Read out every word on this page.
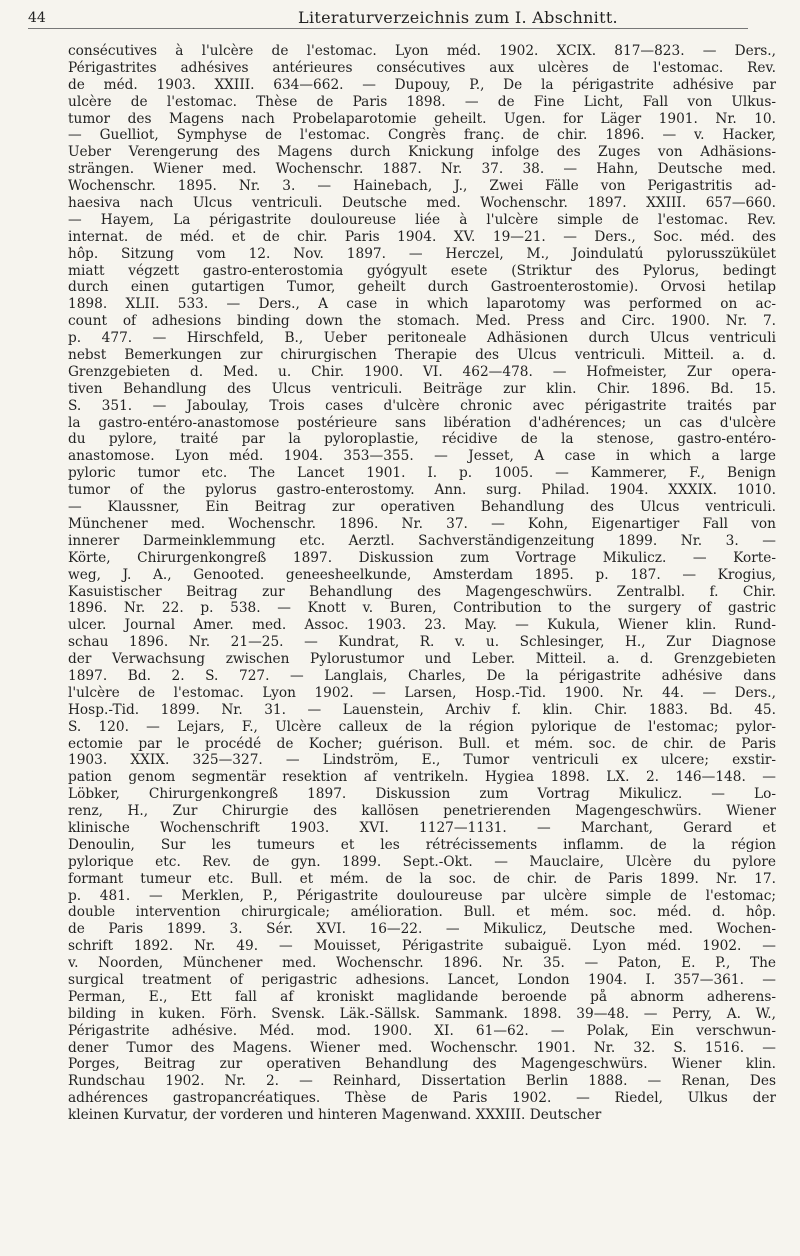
44	Literaturverzeichnis zum I. Abschnitt.
consécutives à l'ulcère de l'estomac. Lyon méd. 1902. XCIX. 817—823. — Ders.,
Périgastrites adhésives antérieures consécutives aux ulcères de l'estomac. Rev.
de méd. 1903. XXIII. 634—662. — Dupouy, P., De la périgastrite adhésive par
ulcère de l'estomac. Thèse de Paris 1898. — de Fine Licht, Fall von Ulkus-
tumor des Magens nach Probelaparotomie geheilt. Ugen. for Läger 1901. Nr. 10.
— Guelliot, Symphyse de l'estomac. Congrès franç. de chir. 1896. — v. Hacker,
Ueber Verengerung des Magens durch Knickung infolge des Zuges von Adhäsions-
strängen. Wiener med. Wochenschr. 1887. Nr. 37. 38. — Hahn, Deutsche med.
Wochenschr. 1895. Nr. 3. — Hainebach, J., Zwei Fälle von Perigastritis ad-
haesiva nach Ulcus ventriculi. Deutsche med. Wochenschr. 1897. XXIII. 657—660.
— Hayem, La périgastrite douloureuse liée à l'ulcère simple de l'estomac. Rev.
internat. de méd. et de chir. Paris 1904. XV. 19—21. — Ders., Soc. méd. des
hôp. Sitzung vom 12. Nov. 1897. — Herczel, M., Joindulatú pylorusszükület
miatt végzett gastro-enterostomia gyógyult esete (Striktur des Pylorus, bedingt
durch einen gutartigen Tumor, geheilt durch Gastroenterostomie). Orvosi hetilap
1898. XLII. 533. — Ders., A case in which laparotomy was performed on ac-
count of adhesions binding down the stomach. Med. Press and Circ. 1900. Nr. 7.
p. 477. — Hirschfeld, B., Ueber peritoneale Adhäsionen durch Ulcus ventriculi
nebst Bemerkungen zur chirurgischen Therapie des Ulcus ventriculi. Mitteil. a. d.
Grenzgebieten d. Med. u. Chir. 1900. VI. 462—478. — Hofmeister, Zur opera-
tiven Behandlung des Ulcus ventriculi. Beiträge zur klin. Chir. 1896. Bd. 15.
S. 351. — Jaboulay, Trois cases d'ulcère chronic avec périgastrite traités par
la gastro-entéro-anastomose postérieure sans libération d'adhérences; un cas d'ulcère
du pylore, traité par la pyloroplastie, récidive de la stenose, gastro-entéro-
anastomose. Lyon méd. 1904. 353—355. — Jesset, A case in which a large
pyloric tumor etc. The Lancet 1901. I. p. 1005. — Kammerer, F., Benign
tumor of the pylorus gastro-enterostomy. Ann. surg. Philad. 1904. XXXIX. 1010.
— Klaussner, Ein Beitrag zur operativen Behandlung des Ulcus ventriculi.
Münchener med. Wochenschr. 1896. Nr. 37. — Kohn, Eigenartiger Fall von
innerer Darmeinklemmung etc. Aerztl. Sachverständigenzeitung 1899. Nr. 3. —
Körte, Chirurgenkongreß 1897. Diskussion zum Vortrage Mikulicz. — Korte-
weg, J. A., Genooted. geneesheelkunde, Amsterdam 1895. p. 187. — Krogius,
Kasuistischer Beitrag zur Behandlung des Magengeschwürs. Zentralbl. f. Chir.
1896. Nr. 22. p. 538. — Knott v. Buren, Contribution to the surgery of gastric
ulcer. Journal Amer. med. Assoc. 1903. 23. May. — Kukula, Wiener klin. Rund-
schau 1896. Nr. 21—25. — Kundrat, R. v. u. Schlesinger, H., Zur Diagnose
der Verwachsung zwischen Pylorustumor und Leber. Mitteil. a. d. Grenzgebieten
1897. Bd. 2. S. 727. — Langlais, Charles, De la périgastrite adhésive dans
l'ulcère de l'estomac. Lyon 1902. — Larsen, Hosp.-Tid. 1900. Nr. 44. — Ders.,
Hosp.-Tid. 1899. Nr. 31. — Lauenstein, Archiv f. klin. Chir. 1883. Bd. 45.
S. 120. — Lejars, F., Ulcère calleux de la région pylorique de l'estomac; pylor-
ectomie par le procédé de Kocher; guérison. Bull. et mém. soc. de chir. de Paris
1903. XXIX. 325—327. — Lindström, E., Tumor ventriculi ex ulcere; exstir-
pation genom segmentär resektion af ventrikeln. Hygiea 1898. LX. 2. 146—148. —
Löbker, Chirurgenkongreß 1897. Diskussion zum Vortrag Mikulicz. — Lo-
renz, H., Zur Chirurgie des kallösen penetrierenden Magengeschwürs. Wiener
klinische Wochenschrift 1903. XVI. 1127—1131. — Marchant, Gerard et
Denoulin, Sur les tumeurs et les rétrécissements inflamm. de la région
pylorique etc. Rev. de gyn. 1899. Sept.-Okt. — Mauclaire, Ulcère du pylore
formant tumeur etc. Bull. et mém. de la soc. de chir. de Paris 1899. Nr. 17.
p. 481. — Merklen, P., Périgastrite douloureuse par ulcère simple de l'estomac;
double intervention chirurgicale; amélioration. Bull. et mém. soc. méd. d. hôp.
de Paris 1899. 3. Sér. XVI. 16—22. — Mikulicz, Deutsche med. Wochen-
schrift 1892. Nr. 49. — Mouisset, Périgastrite subaiguë. Lyon méd. 1902. —
v. Noorden, Münchener med. Wochenschr. 1896. Nr. 35. — Paton, E. P., The
surgical treatment of perigastric adhesions. Lancet, London 1904. I. 357—361. —
Perman, E., Ett fall af kroniskt maglidande beroende på abnorm adherens-
bilding in kuken. Förh. Svensk. Läk.-Sällsk. Sammank. 1898. 39—48. — Perry, A. W.,
Périgastrite adhésive. Méd. mod. 1900. XI. 61—62. — Polak, Ein verschwun-
dener Tumor des Magens. Wiener med. Wochenschr. 1901. Nr. 32. S. 1516. —
Porges, Beitrag zur operativen Behandlung des Magengeschwürs. Wiener klin.
Rundschau 1902. Nr. 2. — Reinhard, Dissertation Berlin 1888. — Renan, Des
adhérences gastropancréatiques. Thèse de Paris 1902. — Riedel, Ulkus der
kleinen Kurvatur, der vorderen und hinteren Magenwand. XXXIII. Deutscher
